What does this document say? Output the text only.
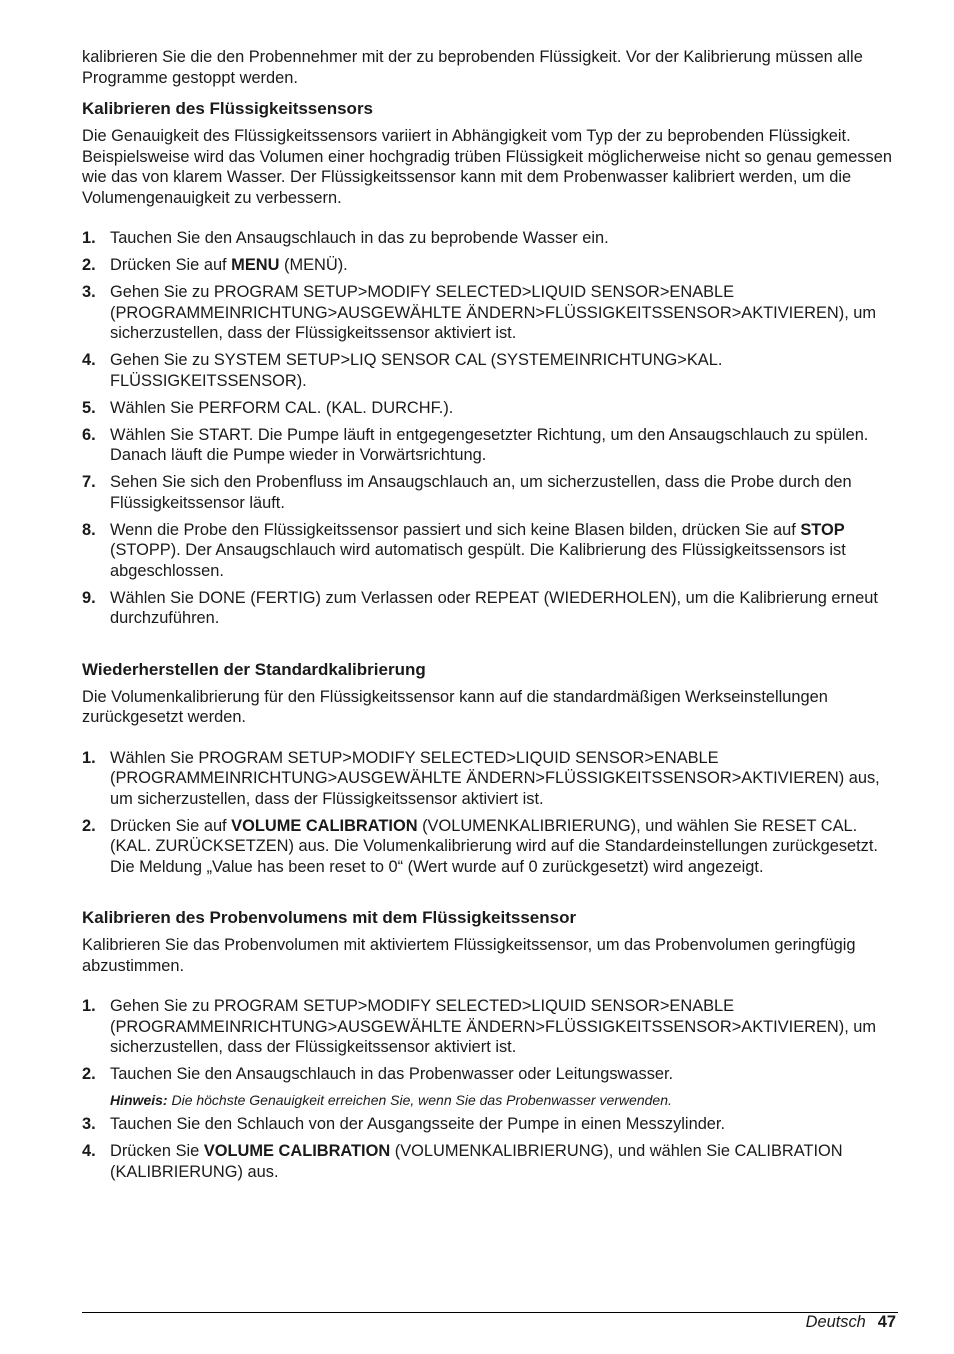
kalibrieren Sie die den Probennehmer mit der zu beprobenden Flüssigkeit. Vor der Kalibrierung müssen alle Programme gestoppt werden.

Kalibrieren des Flüssigkeitssensors

Die Genauigkeit des Flüssigkeitssensors variiert in Abhängigkeit vom Typ der zu beprobenden Flüssigkeit. Beispielsweise wird das Volumen einer hochgradig trüben Flüssigkeit möglicherweise nicht so genau gemessen wie das von klarem Wasser. Der Flüssigkeitssensor kann mit dem Probenwasser kalibriert werden, um die Volumengenauigkeit zu verbessern.

1. Tauchen Sie den Ansaugschlauch in das zu beprobende Wasser ein.
2. Drücken Sie auf MENU (MENÜ).
3. Gehen Sie zu PROGRAM SETUP>MODIFY SELECTED>LIQUID SENSOR>ENABLE (PROGRAMMEINRICHTUNG>AUSGEWÄHLTE ÄNDERN>FLÜSSIGKEITSSENSOR>AKTIVIEREN), um sicherzustellen, dass der Flüssigkeitssensor aktiviert ist.
4. Gehen Sie zu SYSTEM SETUP>LIQ SENSOR CAL (SYSTEMEINRICHTUNG>KAL. FLÜSSIGKEITSSENSOR).
5. Wählen Sie PERFORM CAL. (KAL. DURCHF.).
6. Wählen Sie START. Die Pumpe läuft in entgegengesetzter Richtung, um den Ansaugschlauch zu spülen. Danach läuft die Pumpe wieder in Vorwärtsrichtung.
7. Sehen Sie sich den Probenfluss im Ansaugschlauch an, um sicherzustellen, dass die Probe durch den Flüssigkeitssensor läuft.
8. Wenn die Probe den Flüssigkeitssensor passiert und sich keine Blasen bilden, drücken Sie auf STOP (STOPP). Der Ansaugschlauch wird automatisch gespült. Die Kalibrierung des Flüssigkeitssensors ist abgeschlossen.
9. Wählen Sie DONE (FERTIG) zum Verlassen oder REPEAT (WIEDERHOLEN), um die Kalibrierung erneut durchzuführen.
Wiederherstellen der Standardkalibrierung

Die Volumenkalibrierung für den Flüssigkeitssensor kann auf die standardmäßigen Werkseinstellungen zurückgesetzt werden.

1. Wählen Sie PROGRAM SETUP>MODIFY SELECTED>LIQUID SENSOR>ENABLE (PROGRAMMEINRICHTUNG>AUSGEWÄHLTE ÄNDERN>FLÜSSIGKEITSSENSOR>AKTIVIEREN) aus, um sicherzustellen, dass der Flüssigkeitssensor aktiviert ist.
2. Drücken Sie auf VOLUME CALIBRATION (VOLUMENKALIBRIERUNG), und wählen Sie RESET CAL. (KAL. ZURÜCKSETZEN) aus. Die Volumenkalibrierung wird auf die Standardeinstellungen zurückgesetzt. Die Meldung „Value has been reset to 0“ (Wert wurde auf 0 zurückgesetzt) wird angezeigt.
Kalibrieren des Probenvolumens mit dem Flüssigkeitssensor

Kalibrieren Sie das Probenvolumen mit aktiviertem Flüssigkeitssensor, um das Probenvolumen geringfügig abzustimmen.

1. Gehen Sie zu PROGRAM SETUP>MODIFY SELECTED>LIQUID SENSOR>ENABLE (PROGRAMMEINRICHTUNG>AUSGEWÄHLTE ÄNDERN>FLÜSSIGKEITSSENSOR>AKTIVIEREN), um sicherzustellen, dass der Flüssigkeitssensor aktiviert ist.
2. Tauchen Sie den Ansaugschlauch in das Probenwasser oder Leitungswasser.

Hinweis: Die höchste Genauigkeit erreichen Sie, wenn Sie das Probenwasser verwenden.

3. Tauchen Sie den Schlauch von der Ausgangsseite der Pumpe in einen Messzylinder.
4. Drücken Sie VOLUME CALIBRATION (VOLUMENKALIBRIERUNG), und wählen Sie CALIBRATION (KALIBRIERUNG) aus.
Deutsch 47
